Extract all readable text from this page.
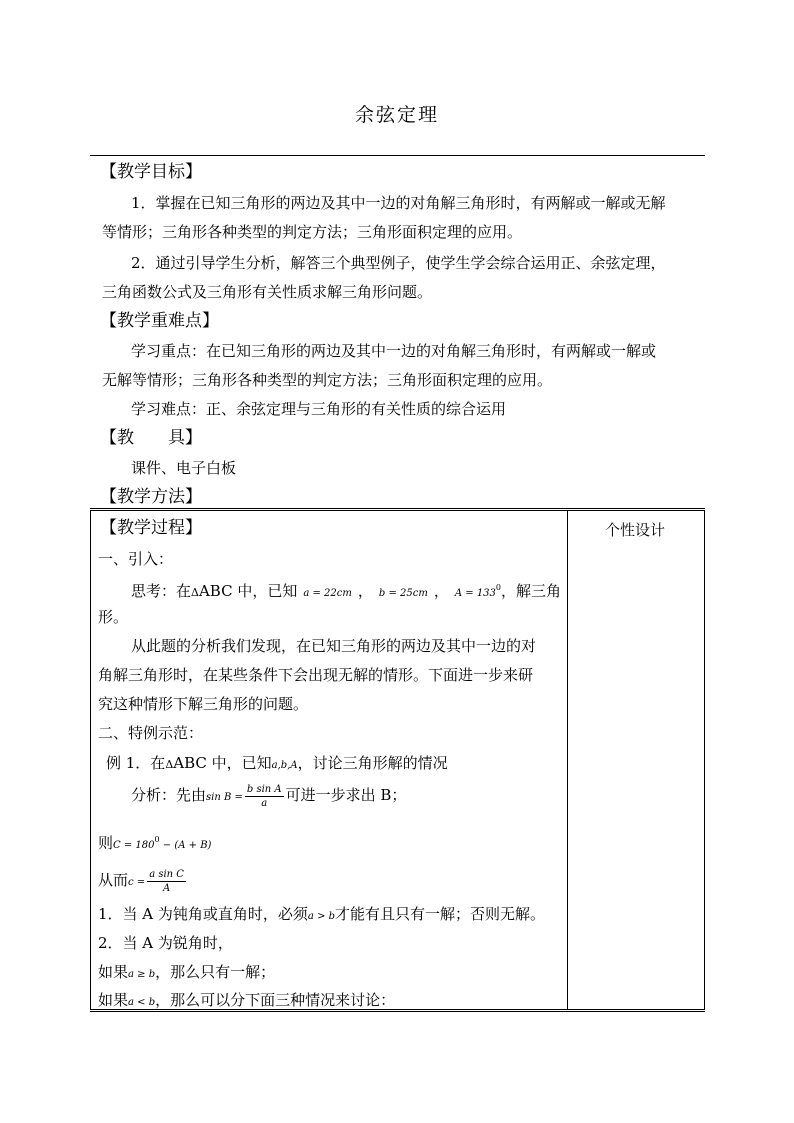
余弦定理
【教学目标】
1．掌握在已知三角形的两边及其中一边的对角解三角形时，有两解或一解或无解
等情形；三角形各种类型的判定方法；三角形面积定理的应用。
2．通过引导学生分析，解答三个典型例子，使学生学会综合运用正、余弦定理，
三角函数公式及三角形有关性质求解三角形问题。
【教学重难点】
学习重点：在已知三角形的两边及其中一边的对角解三角形时，有两解或一解或
无解等情形；三角形各种类型的判定方法；三角形面积定理的应用。
学习难点：正、余弦定理与三角形的有关性质的综合运用
【教　　具】
课件、电子白板
【教学方法】
个性设计
【教学过程】
一、引入：
思考：在ΔABC 中，已知 a = 22cm ， b = 25cm ， $A = 133^0$，解三角
形。
从此题的分析我们发现，在已知三角形的两边及其中一边的对
角解三角形时，在某些条件下会出现无解的情形。下面进一步来研
究这种情形下解三角形的问题。
二、特例示范：
例 1．在ΔABC 中，已知a,b,A，讨论三角形解的情况
分析：先由$\sin B = \frac{\text{b sin A}}{a}$ 可进一步求出 B；
则$C = 180^0 - (A + B)$
从而$c = \frac{\text{a sin C}}{A}$
1．当 A 为钝角或直角时，必须a > b才能有且只有一解；否则无解。
2．当 A 为锐角时，
如果a ≥ b，那么只有一解；
如果a < b，那么可以分下面三种情况来讨论：
